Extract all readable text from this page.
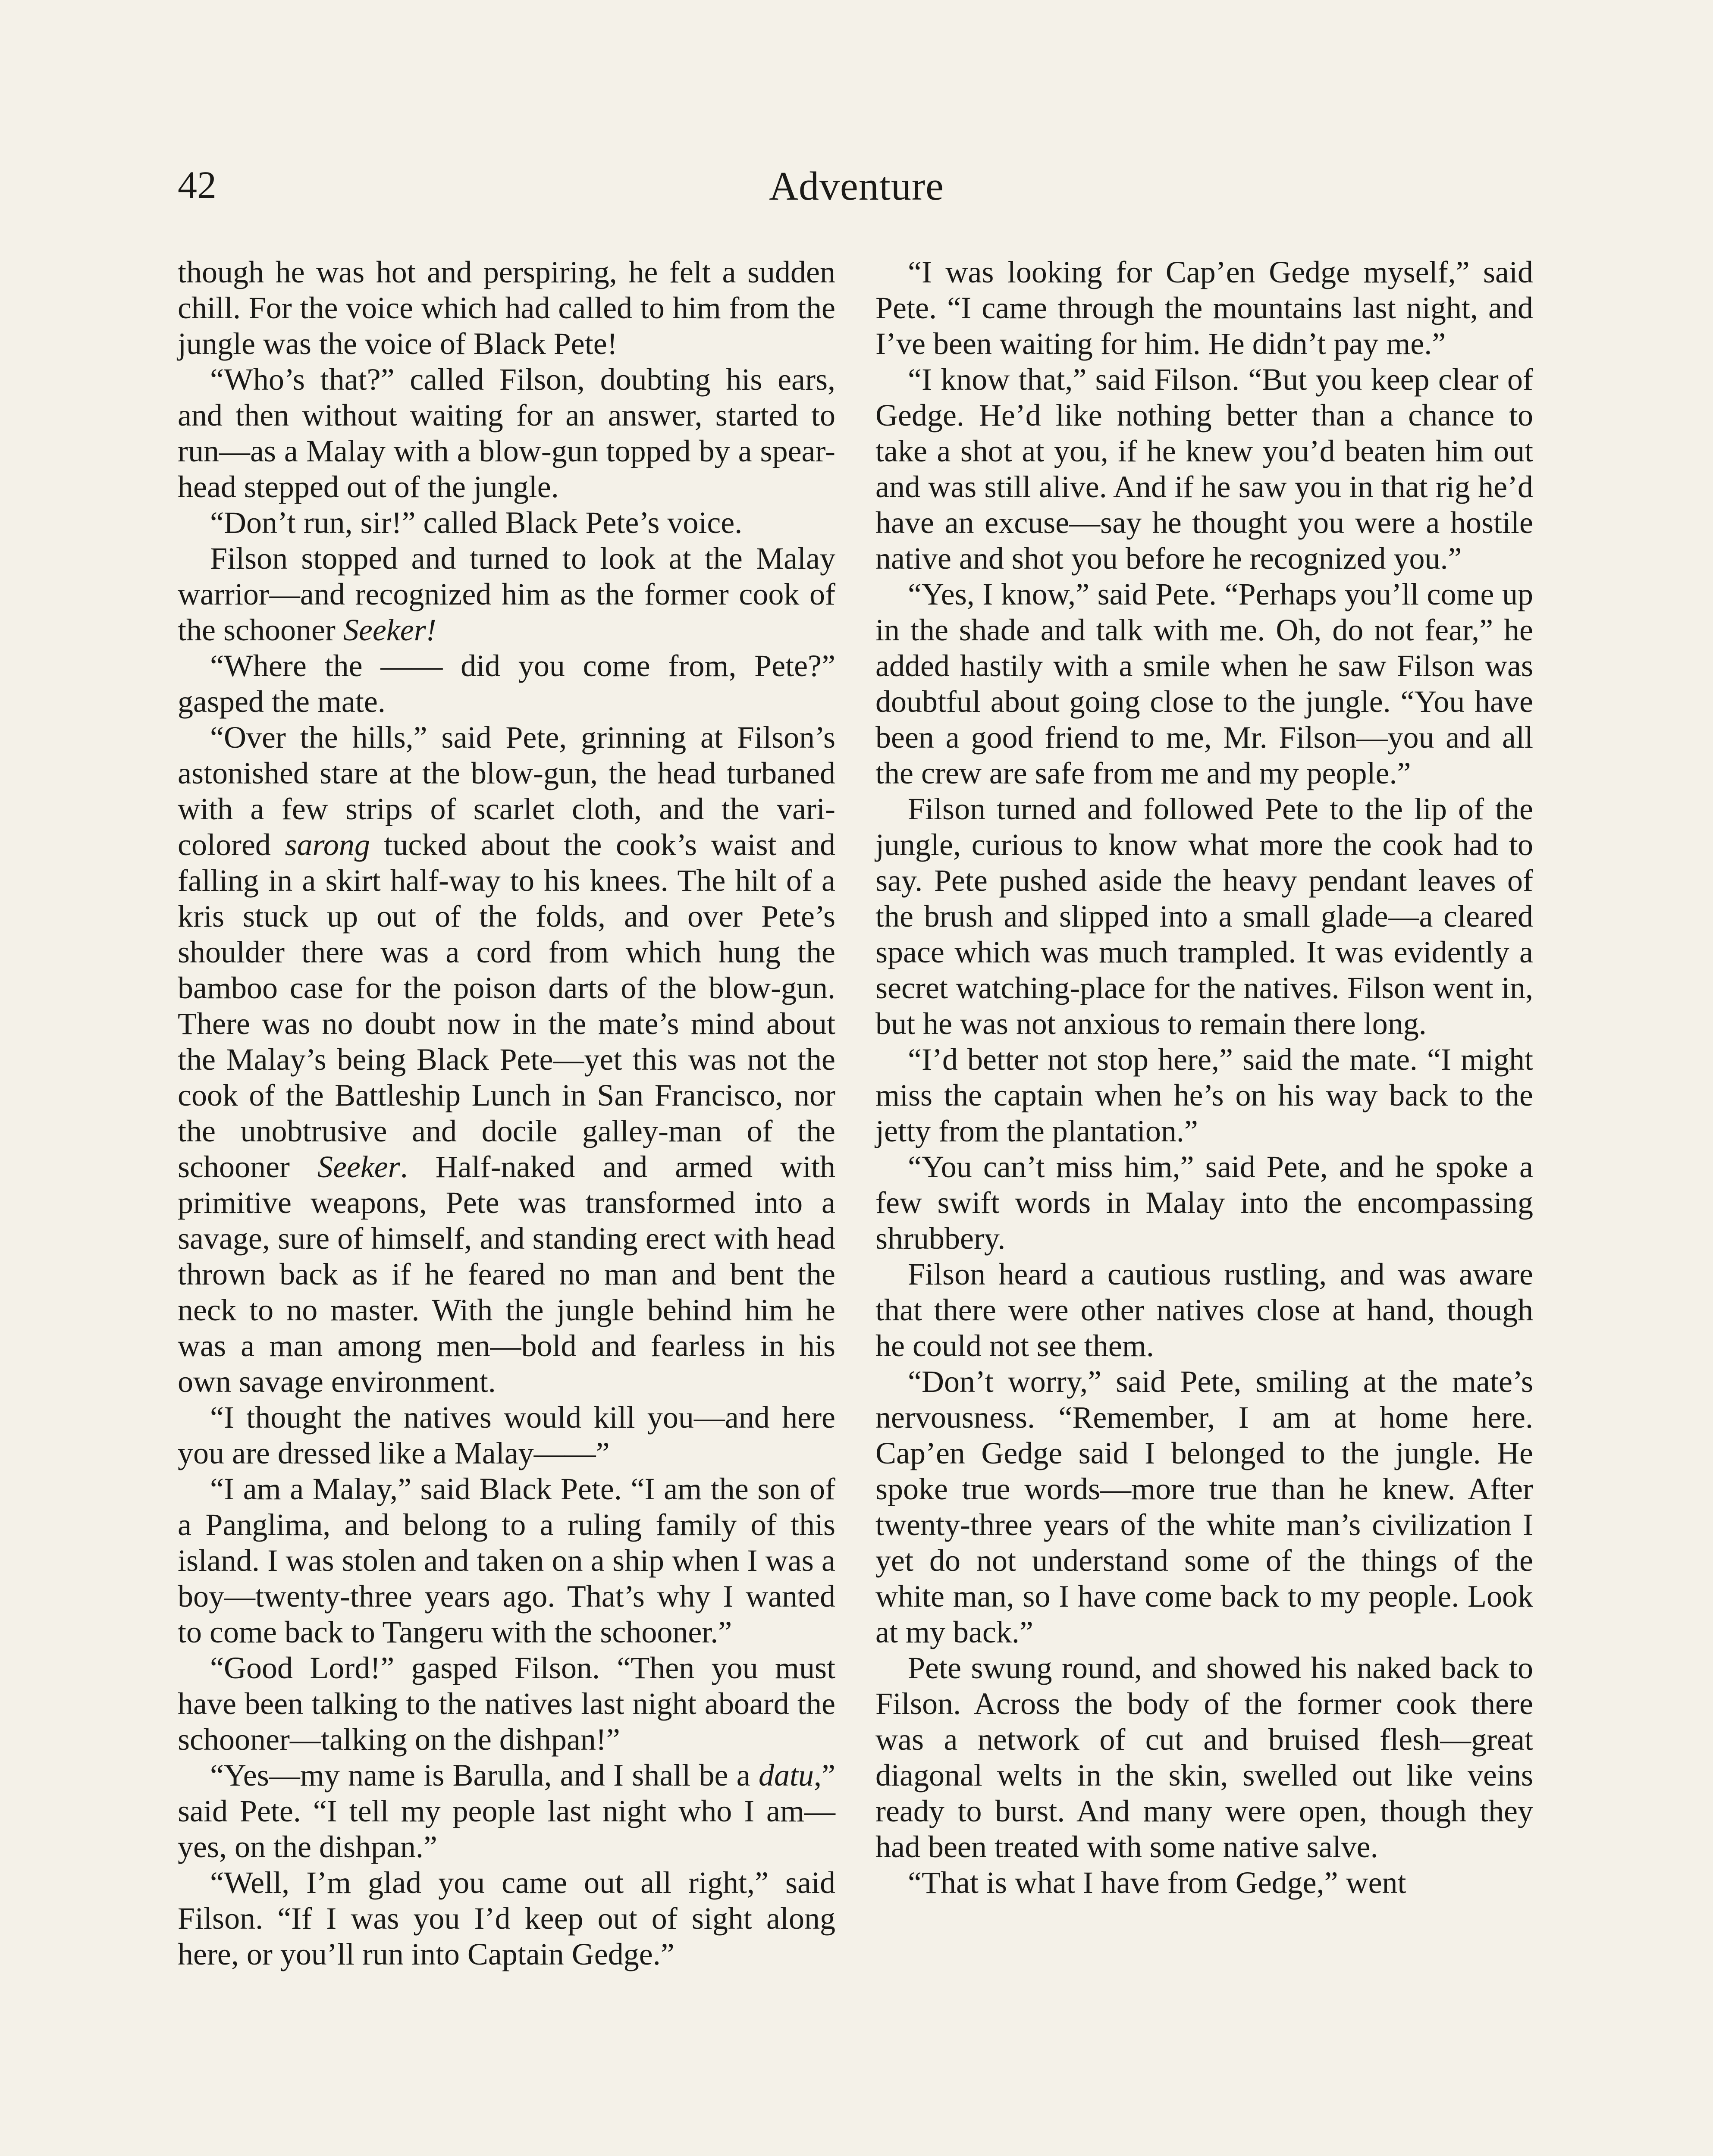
42	Adventure

though he was hot and perspiring, he felt a sudden chill. For the voice which had called to him from the jungle was the voice of Black Pete!

“Who’s that?” called Filson, doubting his ears, and then without waiting for an answer, started to run—as a Malay with a blow-gun topped by a spear-head stepped out of the jungle.

“Don’t run, sir!” called Black Pete’s voice.

Filson stopped and turned to look at the Malay warrior—and recognized him as the former cook of the schooner Seeker!

“Where the —— did you come from, Pete?” gasped the mate.

“Over the hills,” said Pete, grinning at Filson’s astonished stare at the blow-gun, the head turbaned with a few strips of scarlet cloth, and the vari-colored sarong tucked about the cook’s waist and falling in a skirt half-way to his knees. The hilt of a kris stuck up out of the folds, and over Pete’s shoulder there was a cord from which hung the bamboo case for the poison darts of the blow-gun. There was no doubt now in the mate’s mind about the Malay’s being Black Pete—yet this was not the cook of the Battleship Lunch in San Francisco, nor the unobtrusive and docile galley-man of the schooner Seeker. Half-naked and armed with primitive weapons, Pete was transformed into a savage, sure of himself, and standing erect with head thrown back as if he feared no man and bent the neck to no master. With the jungle behind him he was a man among men—bold and fearless in his own savage environment.

“I thought the natives would kill you—and here you are dressed like a Malay——”

“I am a Malay,” said Black Pete. “I am the son of a Panglima, and belong to a ruling family of this island. I was stolen and taken on a ship when I was a boy—twenty-three years ago. That’s why I wanted to come back to Tangeru with the schooner.”

“Good Lord!” gasped Filson. “Then you must have been talking to the natives last night aboard the schooner—talking on the dishpan!”

“Yes—my name is Barulla, and I shall be a datu,” said Pete. “I tell my people last night who I am—yes, on the dishpan.”

“Well, I’m glad you came out all right,” said Filson. “If I was you I’d keep out of sight along here, or you’ll run into Captain Gedge.”

“I was looking for Cap’en Gedge myself,” said Pete. “I came through the mountains last night, and I’ve been waiting for him. He didn’t pay me.”

“I know that,” said Filson. “But you keep clear of Gedge. He’d like nothing better than a chance to take a shot at you, if he knew you’d beaten him out and was still alive. And if he saw you in that rig he’d have an excuse—say he thought you were a hostile native and shot you before he recognized you.”

“Yes, I know,” said Pete. “Perhaps you’ll come up in the shade and talk with me. Oh, do not fear,” he added hastily with a smile when he saw Filson was doubtful about going close to the jungle. “You have been a good friend to me, Mr. Filson—you and all the crew are safe from me and my people.”

Filson turned and followed Pete to the lip of the jungle, curious to know what more the cook had to say. Pete pushed aside the heavy pendant leaves of the brush and slipped into a small glade—a cleared space which was much trampled. It was evidently a secret watching-place for the natives. Filson went in, but he was not anxious to remain there long.

“I’d better not stop here,” said the mate. “I might miss the captain when he’s on his way back to the jetty from the plantation.”

“You can’t miss him,” said Pete, and he spoke a few swift words in Malay into the encompassing shrubbery.

Filson heard a cautious rustling, and was aware that there were other natives close at hand, though he could not see them.

“Don’t worry,” said Pete, smiling at the mate’s nervousness. “Remember, I am at home here. Cap’en Gedge said I belonged to the jungle. He spoke true words—more true than he knew. After twenty-three years of the white man’s civilization I yet do not understand some of the things of the white man, so I have come back to my people. Look at my back.”

Pete swung round, and showed his naked back to Filson. Across the body of the former cook there was a network of cut and bruised flesh—great diagonal welts in the skin, swelled out like veins ready to burst. And many were open, though they had been treated with some native salve.

“That is what I have from Gedge,” went
